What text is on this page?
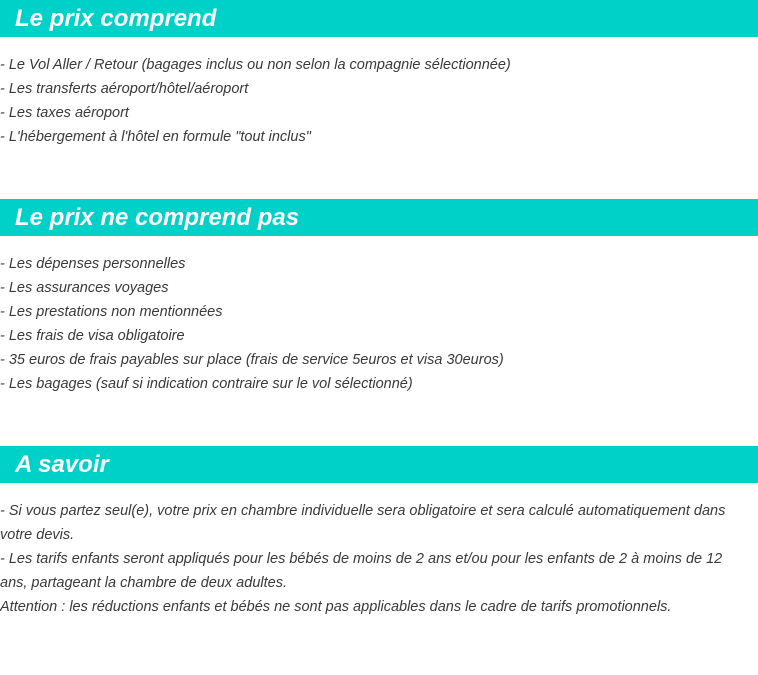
Le prix comprend
- Le Vol Aller / Retour (bagages inclus ou non selon la compagnie sélectionnée)
- Les transferts aéroport/hôtel/aéroport
- Les taxes aéroport
- L'hébergement à l'hôtel en formule "tout inclus"
Le prix ne comprend pas
- Les dépenses personnelles
- Les assurances voyages
- Les prestations non mentionnées
- Les frais de visa obligatoire
- 35 euros de frais payables sur place (frais de service 5euros et visa 30euros)
- Les bagages (sauf si indication contraire sur le vol sélectionné)
A savoir

- Si vous partez seul(e), votre prix en chambre individuelle sera obligatoire et sera calculé automatiquement dans votre devis.

- Les tarifs enfants seront appliqués pour les bébés de moins de 2 ans et/ou pour les enfants de 2 à moins de 12 ans, partageant la chambre de deux adultes.

Attention : les réductions enfants et bébés ne sont pas applicables dans le cadre de tarifs promotionnels.
